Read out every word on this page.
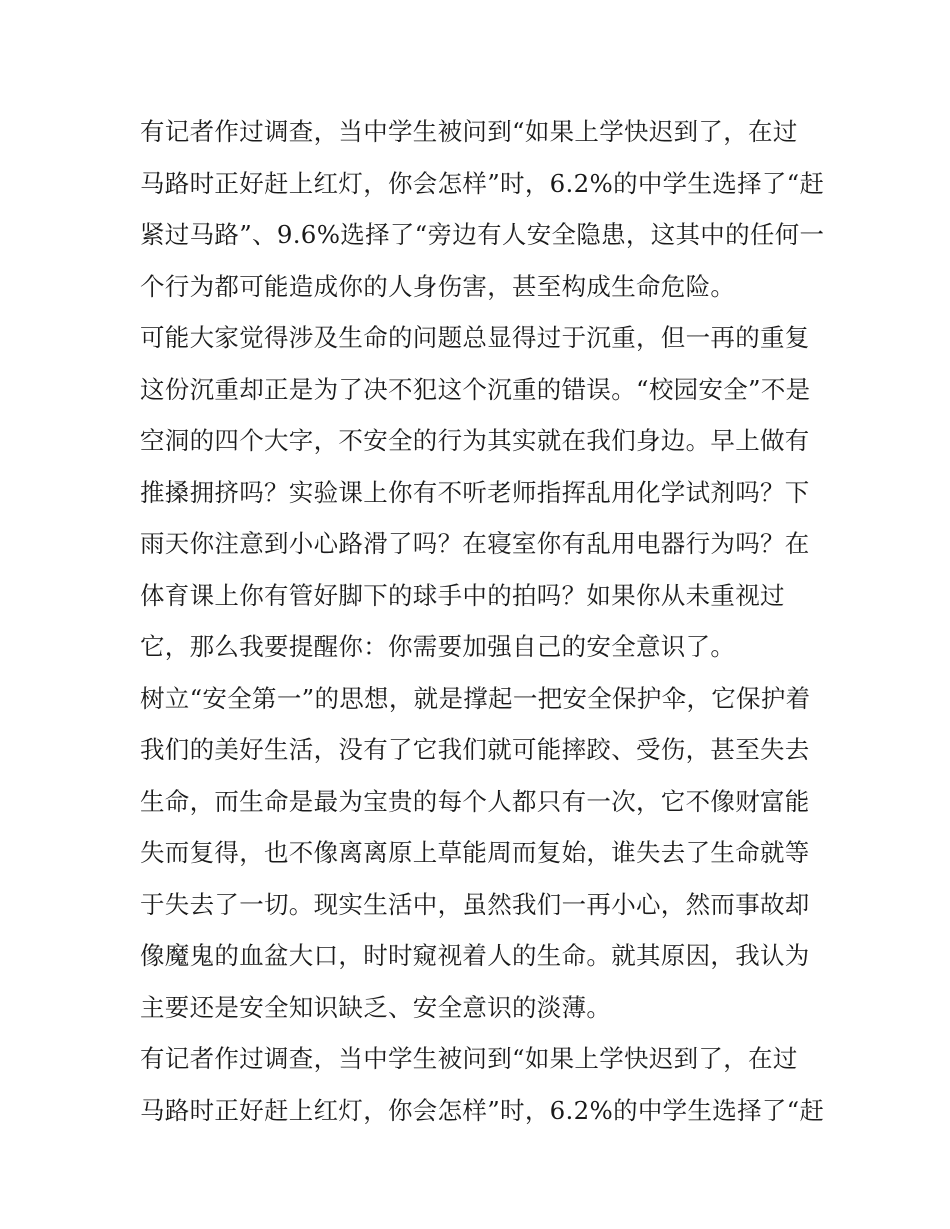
有记者作过调查，当中学生被问到“如果上学快迟到了，在过
马路时正好赶上红灯，你会怎样”时，6.2%的中学生选择了“赶
紧过马路”、9.6%选择了“旁边有人安全隐患，这其中的任何一
个行为都可能造成你的人身伤害，甚至构成生命危险。
可能大家觉得涉及生命的问题总显得过于沉重，但一再的重复
这份沉重却正是为了决不犯这个沉重的错误。“校园安全”不是
空洞的四个大字，不安全的行为其实就在我们身边。早上做有
推搡拥挤吗？实验课上你有不听老师指挥乱用化学试剂吗？下
雨天你注意到小心路滑了吗？在寝室你有乱用电器行为吗？在
体育课上你有管好脚下的球手中的拍吗？如果你从未重视过
它，那么我要提醒你：你需要加强自己的安全意识了。
树立“安全第一”的思想，就是撑起一把安全保护伞，它保护着
我们的美好生活，没有了它我们就可能摔跤、受伤，甚至失去
生命，而生命是最为宝贵的每个人都只有一次，它不像财富能
失而复得，也不像离离原上草能周而复始，谁失去了生命就等
于失去了一切。现实生活中，虽然我们一再小心，然而事故却
像魔鬼的血盆大口，时时窥视着人的生命。就其原因，我认为
主要还是安全知识缺乏、安全意识的淡薄。
有记者作过调查，当中学生被问到“如果上学快迟到了，在过
马路时正好赶上红灯，你会怎样”时，6.2%的中学生选择了“赶
